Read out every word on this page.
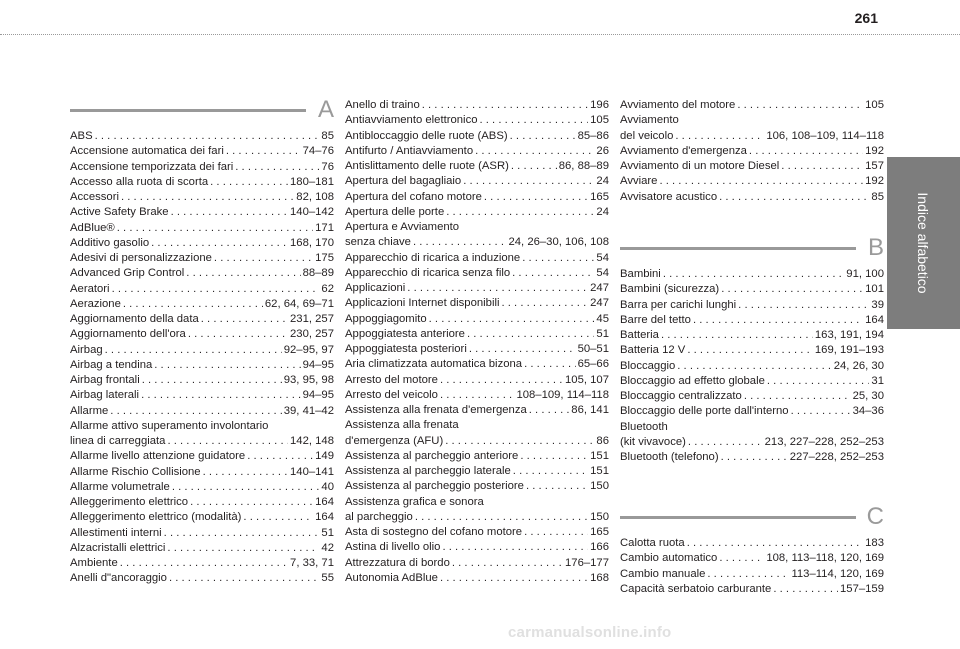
261
Indice alfabetico
A
ABS . . .	85
Accensione automatica dei fari . . .	74–76
Accensione temporizzata dei fari . . .	76
Accesso alla ruota di scorta . . .	180–181
Accessori . . .	82, 108
Active Safety Brake . . .	140–142
AdBlue® . . .	171
Additivo gasolio . . .	168, 170
Adesivi di personalizzazione . . .	175
Advanced Grip Control . . .	88–89
Aeratori . . .	62
Aerazione . . .	62, 64, 69–71
Aggiornamento della data . . .	231, 257
Aggiornamento dell'ora . . .	230, 257
Airbag . . .	92–95, 97
Airbag a tendina . . .	94–95
Airbag frontali . . .	93, 95, 98
Airbag laterali . . .	94–95
Allarme . . .	39, 41–42
Allarme attivo superamento involontario
linea di carreggiata . . .	142, 148
Allarme livello attenzione guidatore . . .	149
Allarme Rischio Collisione . . .	140–141
Allarme volumetrale . . .	40
Alleggerimento elettrico . . .	164
Alleggerimento elettrico (modalità) . . .	164
Allestimenti interni . . .	51
Alzacristalli elettrici . . .	42
Ambiente . . .	7, 33, 71
Anelli d"ancoraggio . . .	55
Anello di traino . . .	196
Antiavviamento elettronico . . .	105
Antibloccaggio delle ruote (ABS) . . .	85–86
Antifurto / Antiavviamento . . .	26
Antislittamento delle ruote (ASR) . . .	86, 88–89
Apertura del bagagliaio . . .	24
Apertura del cofano motore . . .	165
Apertura delle porte . . .	24
Apertura e Avviamento
senza chiave . . .	24, 26–30, 106, 108
Apparecchio di ricarica a induzione . . .	54
Apparecchio di ricarica senza filo . . .	54
Applicazioni . . .	247
Applicazioni Internet disponibili . . .	247
Appoggiagomito . . .	45
Appoggiatesta anteriore . . .	51
Appoggiatesta posteriori . . .	50–51
Aria climatizzata automatica bizona . . .	65–66
Arresto del motore . . .	105, 107
Arresto del veicolo . . .	108–109, 114–118
Assistenza alla frenata d'emergenza . . .	86, 141
Assistenza alla frenata
d'emergenza (AFU) . . .	86
Assistenza al parcheggio anteriore . . .	151
Assistenza al parcheggio laterale . . .	151
Assistenza al parcheggio posteriore . . .	150
Assistenza grafica e sonora
al parcheggio . . .	150
Asta di sostegno del cofano motore . . .	165
Astina di livello olio . . .	166
Attrezzatura di bordo . . .	176–177
Autonomia AdBlue . . .	168
Avviamento del motore . . .	105
Avviamento
del veicolo . . .	106, 108–109, 114–118
Avviamento d'emergenza . . .	192
Avviamento di un motore Diesel . . .	157
Avviare . . .	192
Avvisatore acustico . . .	85
B
Bambini . . .	91, 100
Bambini (sicurezza) . . .	101
Barra per carichi lunghi . . .	39
Barre del tetto . . .	164
Batteria . . .	163, 191, 194
Batteria 12 V . . .	169, 191–193
Bloccaggio . . .	24, 26, 30
Bloccaggio ad effetto globale . . .	31
Bloccaggio centralizzato . . .	25, 30
Bloccaggio delle porte dall'interno . . .	34–36
Bluetooth
(kit vivavoce) . . .	213, 227–228, 252–253
Bluetooth (telefono) . . .	227–228, 252–253
C
Calotta ruota . . .	183
Cambio automatico . . .	108, 113–118, 120, 169
Cambio manuale . . .	113–114, 120, 169
Capacità serbatoio carburante . . .	157–159
carmanualsonline.info
